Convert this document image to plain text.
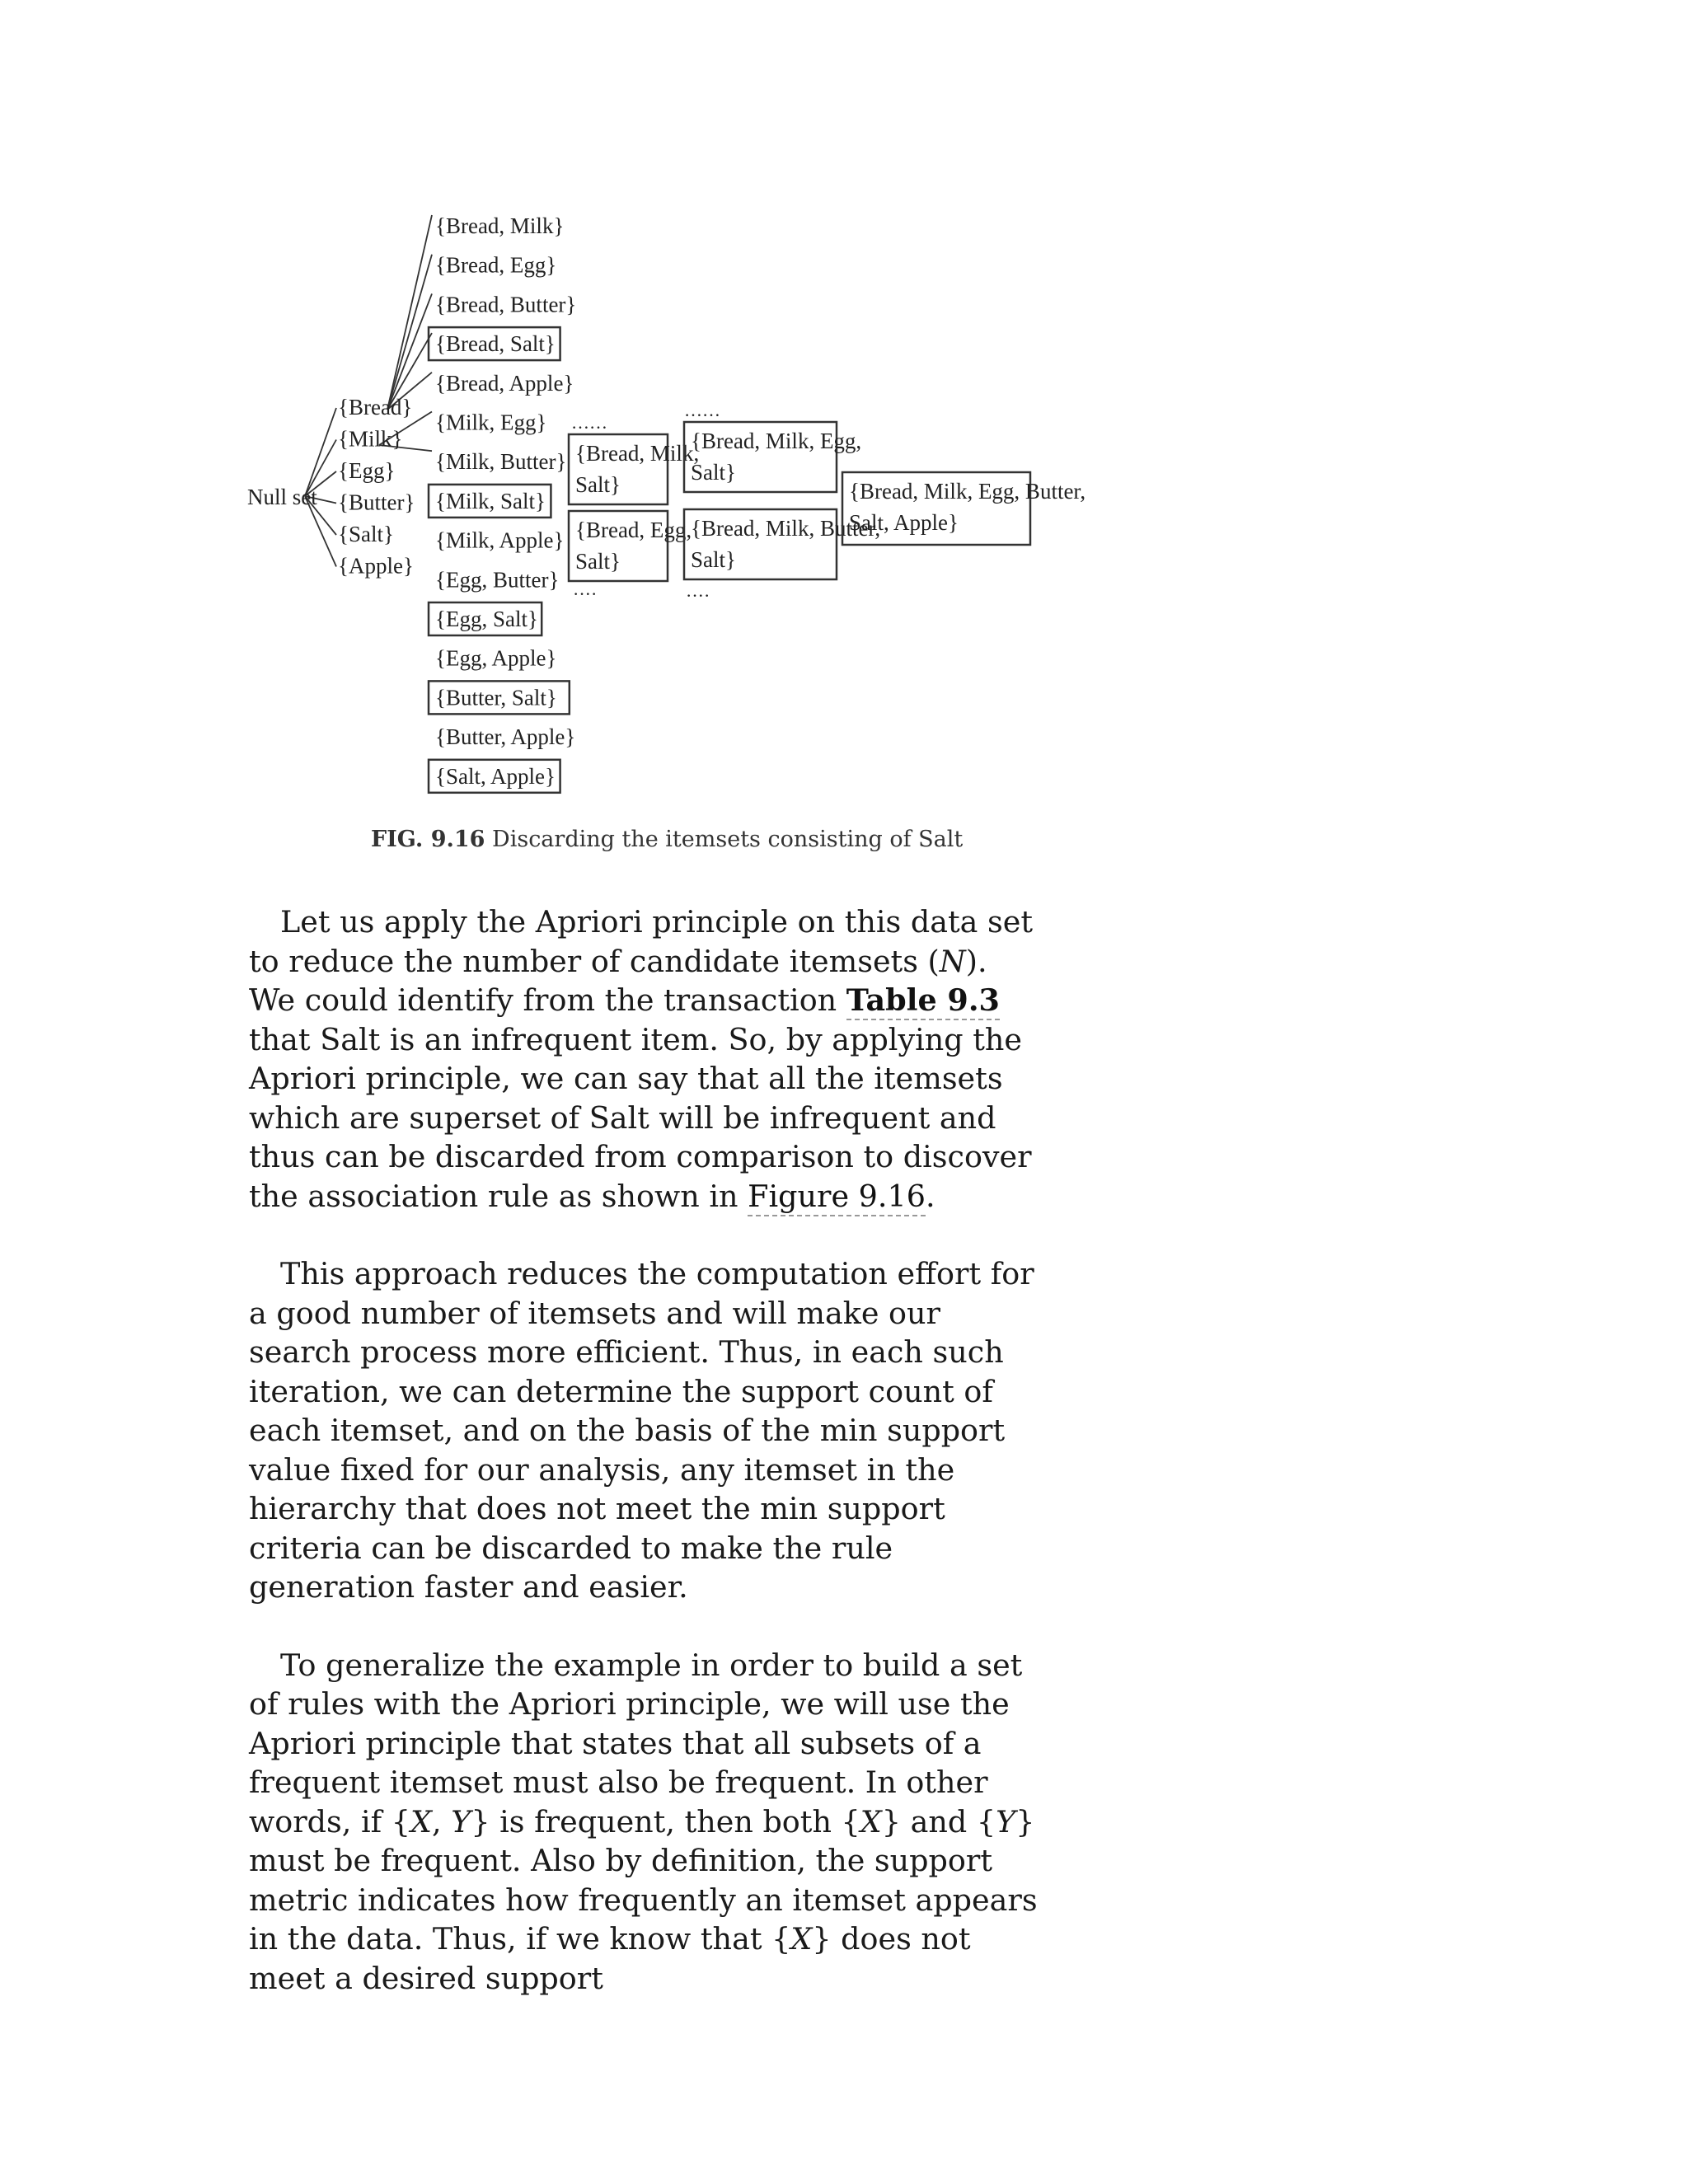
Null set
{Bread}
{Milk}
{Egg}
{Butter}
{Salt}
{Apple}
{Bread, Milk}
{Bread, Egg}
{Bread, Butter}
{Bread, Salt}
{Bread, Apple}
{Milk, Egg}
{Milk, Butter}
{Milk, Salt}
{Milk, Apple}
{Egg, Butter}
{Egg, Salt}
{Egg, Apple}
{Butter, Salt}
{Butter, Apple}
{Salt, Apple}
{Bread, Milk,
Salt}
{Bread, Egg,
Salt}
{Bread, Milk, Egg,
Salt}
{Bread, Milk, Butter,
Salt}
{Bread, Milk, Egg, Butter,
Salt, Apple}
……
····
……
····
FIG. 9.16 Discarding the itemsets consisting of Salt

Let us apply the Apriori principle on this data set to reduce the number of candidate itemsets (N). We could identify from the transaction Table 9.3 that Salt is an infrequent item. So, by applying the Apriori principle, we can say that all the itemsets which are superset of Salt will be infrequent and thus can be discarded from comparison to discover the association rule as shown in Figure 9.16.

This approach reduces the computation effort for a good number of itemsets and will make our search process more efficient. Thus, in each such iteration, we can determine the support count of each itemset, and on the basis of the min support value fixed for our analysis, any itemset in the hierarchy that does not meet the min support criteria can be discarded to make the rule generation faster and easier.

To generalize the example in order to build a set of rules with the Apriori principle, we will use the Apriori principle that states that all subsets of a frequent itemset must also be frequent. In other words, if {X, Y} is frequent, then both {X} and {Y} must be frequent. Also by definition, the support metric indicates how frequently an itemset appears in the data. Thus, if we know that {X} does not meet a desired support
